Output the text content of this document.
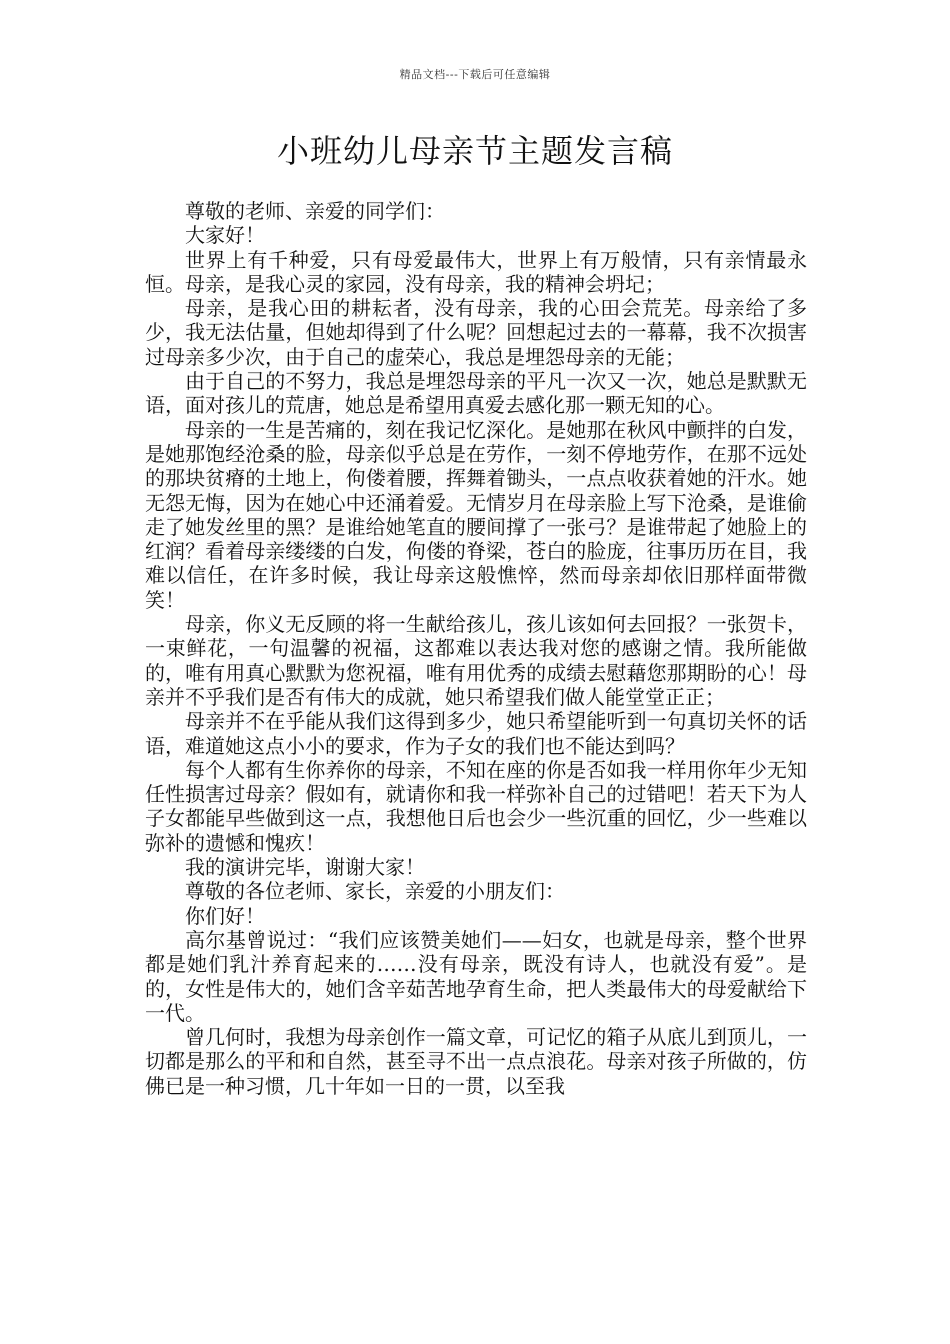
精品文档---下载后可任意编辑
小班幼儿母亲节主题发言稿

尊敬的老师、亲爱的同学们：

大家好！

世界上有千种爱，只有母爱最伟大，世界上有万般情，只有亲情最永恒。母亲，是我心灵的家园，没有母亲，我的精神会坍圮；

母亲，是我心田的耕耘者，没有母亲，我的心田会荒芜。母亲给了多少，我无法估量，但她却得到了什么呢？回想起过去的一幕幕，我不次损害过母亲多少次，由于自己的虚荣心，我总是埋怨母亲的无能；

由于自己的不努力，我总是埋怨母亲的平凡一次又一次，她总是默默无语，面对孩儿的荒唐，她总是希望用真爱去感化那一颗无知的心。

母亲的一生是苦痛的，刻在我记忆深化。是她那在秋风中颤拌的白发，是她那饱经沧桑的脸，母亲似乎总是在劳作，一刻不停地劳作，在那不远处的那块贫瘠的土地上，佝偻着腰，挥舞着锄头，一点点收获着她的汗水。她无怨无悔，因为在她心中还涌着爱。无情岁月在母亲脸上写下沧桑，是谁偷走了她发丝里的黑？是谁给她笔直的腰间撑了一张弓？是谁带起了她脸上的红润？看着母亲缕缕的白发，佝偻的脊梁，苍白的脸庞，往事历历在目，我难以信任，在许多时候，我让母亲这般憔悴，然而母亲却依旧那样面带微笑！

母亲，你义无反顾的将一生献给孩儿，孩儿该如何去回报？一张贺卡，一束鲜花，一句温馨的祝福，这都难以表达我对您的感谢之情。我所能做的，唯有用真心默默为您祝福，唯有用优秀的成绩去慰藉您那期盼的心！母亲并不乎我们是否有伟大的成就，她只希望我们做人能堂堂正正；

母亲并不在乎能从我们这得到多少，她只希望能听到一句真切关怀的话语，难道她这点小小的要求，作为子女的我们也不能达到吗？

每个人都有生你养你的母亲，不知在座的你是否如我一样用你年少无知任性损害过母亲？假如有，就请你和我一样弥补自己的过错吧！若天下为人子女都能早些做到这一点，我想他日后也会少一些沉重的回忆，少一些难以弥补的遗憾和愧疚！

我的演讲完毕，谢谢大家！

尊敬的各位老师、家长，亲爱的小朋友们：

你们好！

高尔基曾说过：“我们应该赞美她们——妇女，也就是母亲，整个世界都是她们乳汁养育起来的……没有母亲，既没有诗人，也就没有爱”。是的，女性是伟大的，她们含辛茹苦地孕育生命，把人类最伟大的母爱献给下一代。

曾几何时，我想为母亲创作一篇文章，可记忆的箱子从底儿到顶儿，一切都是那么的平和和自然，甚至寻不出一点点浪花。母亲对孩子所做的，仿佛已是一种习惯，几十年如一日的一贯，以至我
